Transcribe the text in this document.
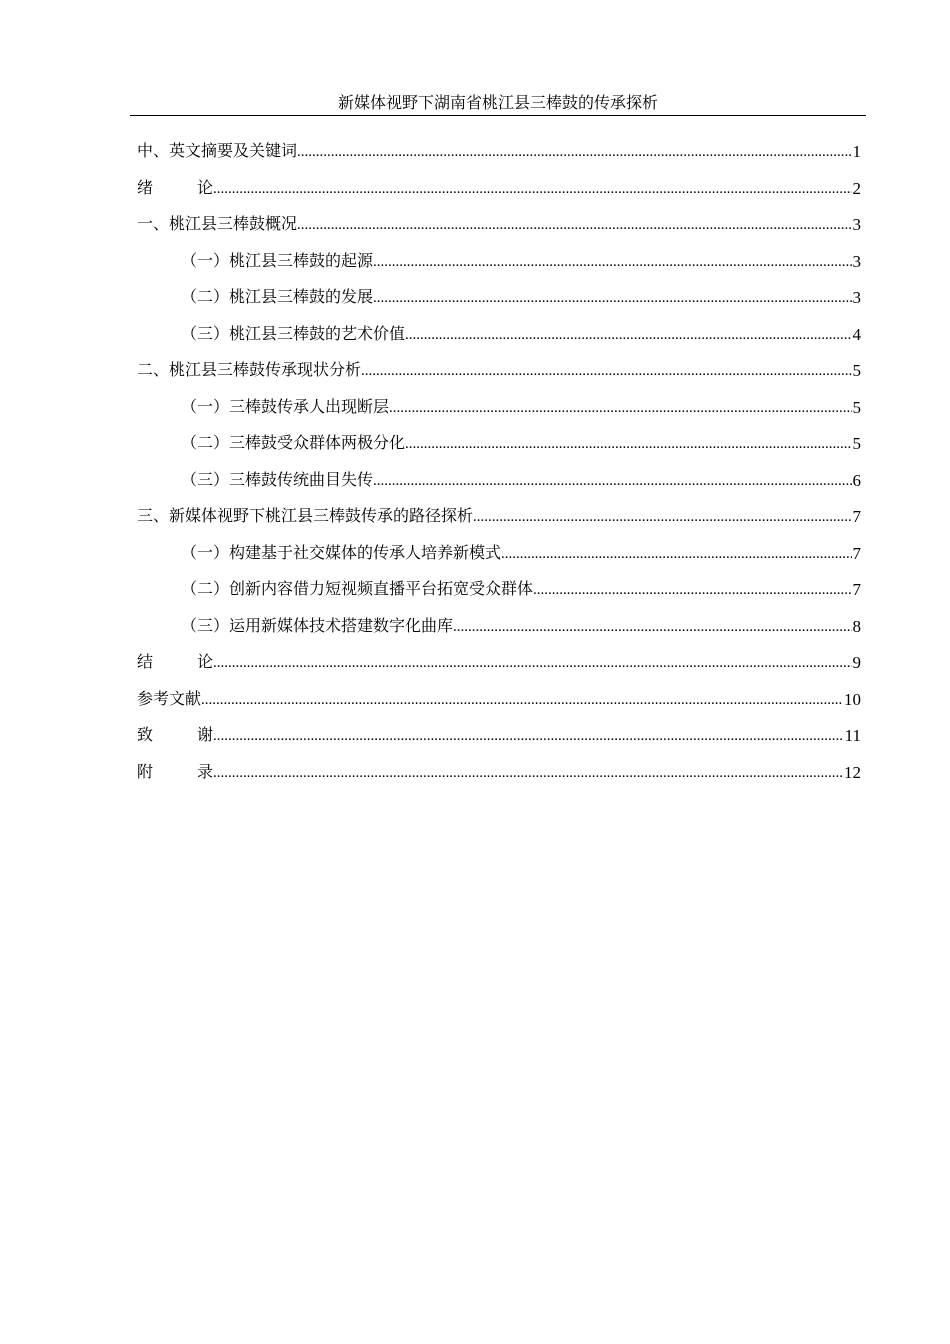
新媒体视野下湖南省桃江县三棒鼓的传承探析
中、英文摘要及关键词 .....	1
绪	论 .....	2
一、桃江县三棒鼓概况 .....	3
（一）桃江县三棒鼓的起源 .....	3
（二）桃江县三棒鼓的发展 .....	3
（三）桃江县三棒鼓的艺术价值 .....	4
二、桃江县三棒鼓传承现状分析 .....	5
（一）三棒鼓传承人出现断层 .....	5
（二）三棒鼓受众群体两极分化 .....	5
（三）三棒鼓传统曲目失传 .....	6
三、新媒体视野下桃江县三棒鼓传承的路径探析 .....	7
（一）构建基于社交媒体的传承人培养新模式 .....	7
（二）创新内容借力短视频直播平台拓宽受众群体 .....	7
（三）运用新媒体技术搭建数字化曲库 .....	8
结	论 .....	9
参考文献 .....	10
致	谢 .....	11
附	录 .....	12
